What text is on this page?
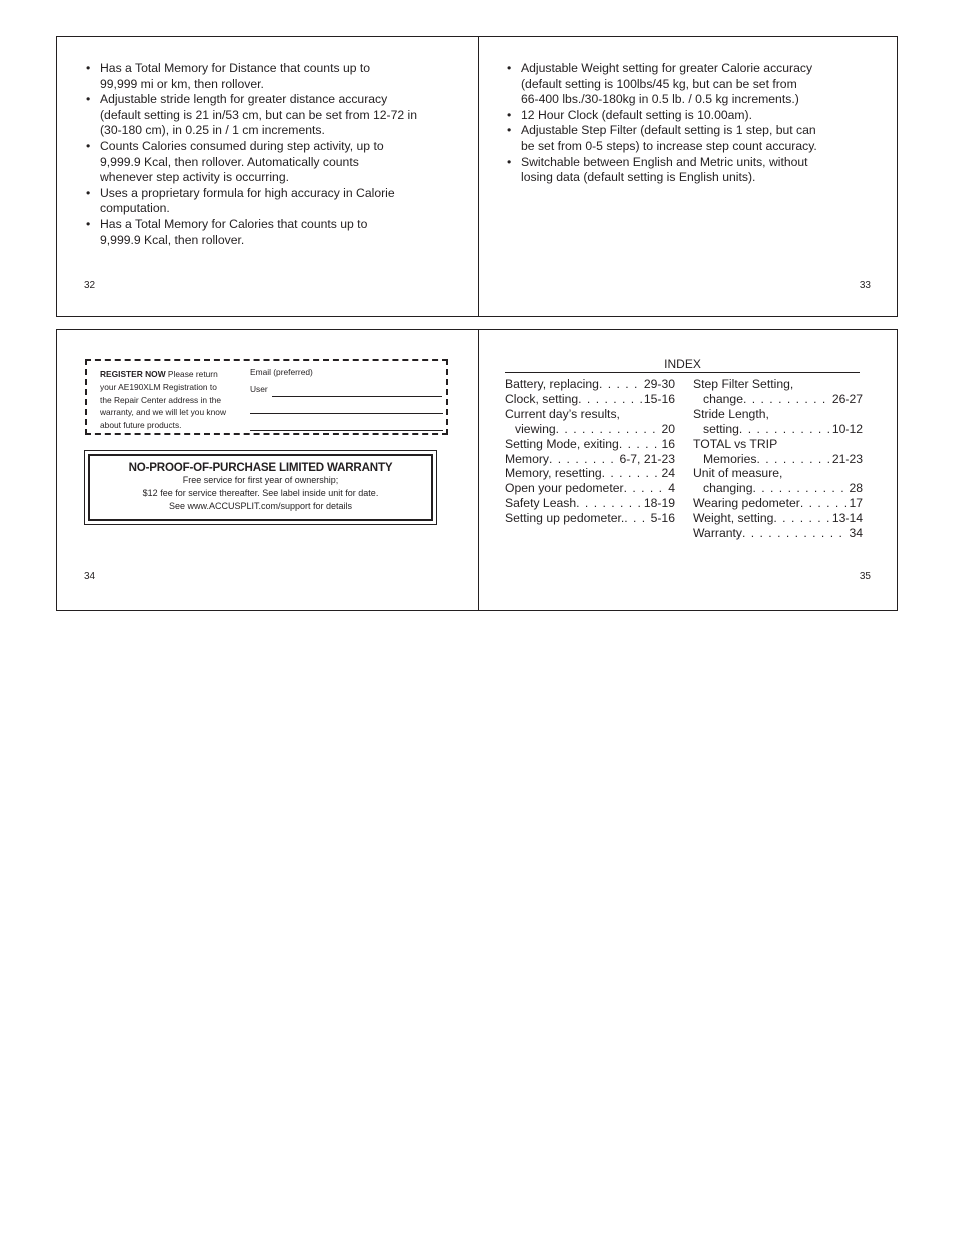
• Has a Total Memory for Distance that counts up to
99,999 mi or km, then rollover.
• Adjustable stride length for greater distance accuracy
(default setting is 21 in/53 cm, but can be set from 12-72 in
(30-180 cm), in 0.25 in / 1 cm increments.
• Counts Calories consumed during step activity, up to
9,999.9 Kcal, then rollover. Automatically counts
whenever step activity is occurring.
• Uses a proprietary formula for high accuracy in Calorie
computation.
• Has a Total Memory for Calories that counts up to
9,999.9 Kcal, then rollover.
32
• Adjustable Weight setting for greater Calorie accuracy
(default setting is 100lbs/45 kg, but can be set from
66-400 lbs./30-180kg in 0.5 lb. / 0.5 kg increments.)
• 12 Hour Clock (default setting is 10.00am).
• Adjustable Step Filter (default setting is 1 step, but can
be set from 0-5 steps) to increase step count accuracy.
• Switchable between English and Metric units, without
losing data (default setting is English units).
33
REGISTER NOW Please return
your AE190XLM Registration to
the Repair Center address in the
warranty, and we will let you know
about future products.
Email (preferred)
User
NO-PROOF-OF-PURCHASE LIMITED WARRANTY
Free service for first year of ownership;
$12 fee for service thereafter. See label inside unit for date.
See www.ACCUSPLIT.com/support for details
34
INDEX
Battery, replacing . . .	29-30
Clock, setting . . .	15-16
Current day’s results,
viewing . . .	20
Setting Mode, exiting . . .	16
Memory . . .	6-7, 21-23
Memory, resetting . . .	24
Open your pedometer . . .	4
Safety Leash . . .	18-19
Setting up pedometer. . . . 5-16
Step Filter Setting,
change . . .	26-27
Stride Length,
setting . . .	10-12
TOTAL vs TRIP
Memories . . .	21-23
Unit of measure,
changing . . .	28
Wearing pedometer . . .	17
Weight, setting . . .	13-14
Warranty . . .	34
35
